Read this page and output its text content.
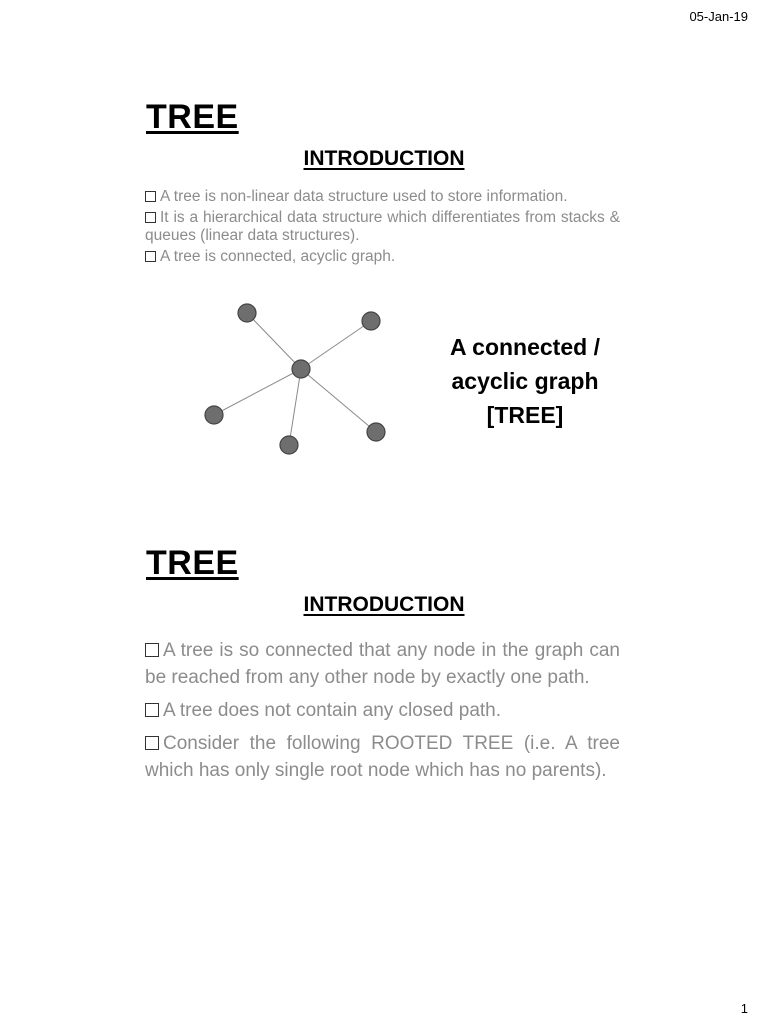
05-Jan-19
TREE
INTRODUCTION
A tree is non-linear data structure used to store information.
It is a hierarchical data structure which differentiates from stacks & queues (linear data structures).
A tree is connected, acyclic graph.
A connected /
acyclic graph
[TREE]
TREE
INTRODUCTION
A tree is so connected that any node in the graph can be reached from any other node by exactly one path.
A tree does not contain any closed path.
Consider the following ROOTED TREE (i.e. A tree which has only single root node which has no parents).
1
